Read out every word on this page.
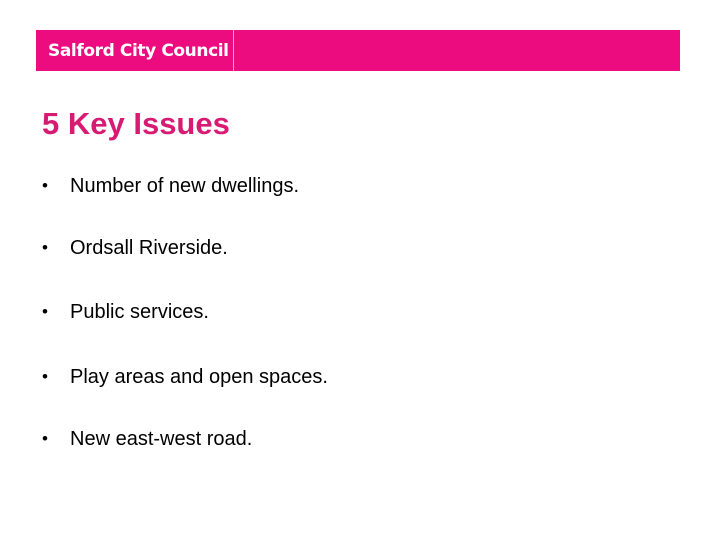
Salford City Council
5 Key Issues
•	Number of new dwellings.
•	Ordsall Riverside.
•	Public services.
•	Play areas and open spaces.
•	New east-west road.
